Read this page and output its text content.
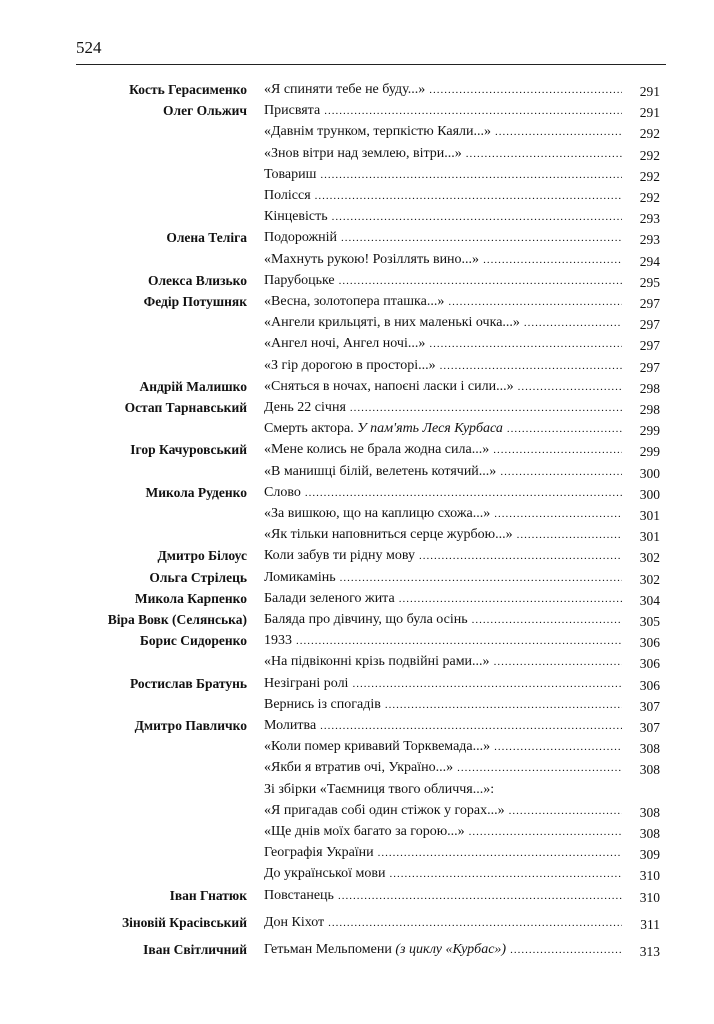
524
Кость Герасименко «Я спиняти тебе не буду...» .....	291
Олег Ольжич Присвята .....	291
«Давнім трунком, терпкістю Каяли...» .....	292
«Знов вітри над землею, вітри...» .....	292
Товариш .....	292
Полісся .....	292
Кінцевість .....	293
Олена Теліга Подорожній .....	293
«Махнуть рукою! Розіллять вино...» .....	294
Олекса Влизько Парубоцьке .....	295
Федір Потушняк «Весна, золотопера пташка...» .....	297
«Ангели крильцяті, в них маленькі очка...» .....	297
«Ангел ночі, Ангел ночі...» .....	297
«З гір дорогою в просторі...» .....	297
Андрій Малишко «Сняться в ночах, напоєні ласки і сили...» .....	298
Остап Тарнавський День 22 січня .....	298
Смерть актора. У пам'ять Леся Курбаса .....	299
Ігор Качуровський «Мене колись не брала жодна сила...» .....	299
«В манишці білій, велетень котячий...» .....	300
Микола Руденко Слово .....	300
«За вишкою, що на каплицю схожа...» .....	301
«Як тільки наповниться серце журбою...» .....	301
Дмитро Білоус Коли забув ти рідну мову .....	302
Ольга Стрілець Ломикамінь .....	302
Микола Карпенко Балади зеленого жита .....	304
Віра Вовк (Селянська) Баляда про дівчину, що була осінь .....	305
Борис Сидоренко 1933 .....	306
«На підвіконні крізь подвійні рами...» .....	306
Ростислав Братунь Незіграні ролі .....	306
Вернись із спогадів .....	307
Дмитро Павличко Молитва .....	307
«Коли помер кривавий Торквемада...» .....	308
«Якби я втратив очі, Україно...» .....	308
Зі збірки «Таємниця твого обличчя...»:
«Я пригадав собі один стіжок у горах...» .....	308
«Ще днів моїх багато за горою...» .....	308
Географія України .....	309
До української мови .....	310
Іван Гнатюк Повстанець .....	310
Зіновій Красівський Дон Кіхот .....	311
Іван Світличний Гетьман Мельпомени (з циклу «Курбас») .....	313
